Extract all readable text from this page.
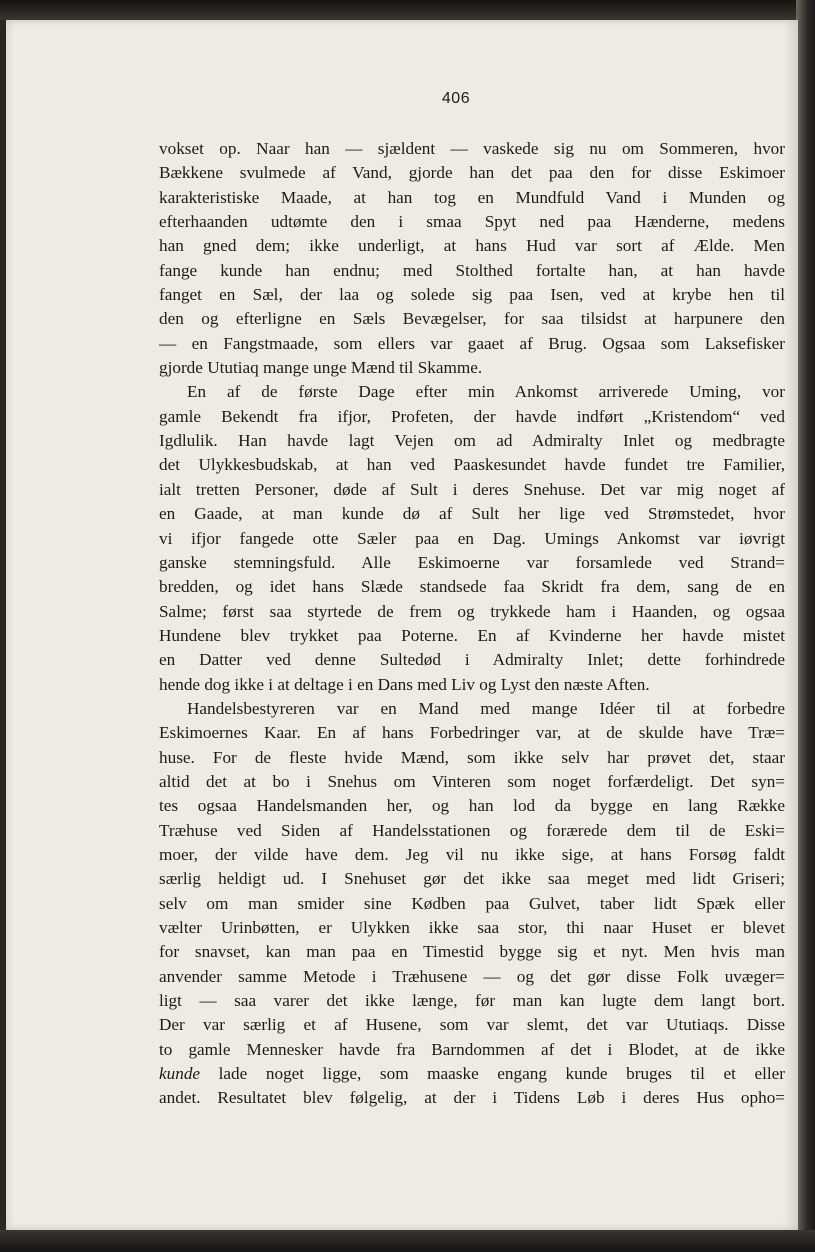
406
vokset op. Naar han — sjældent — vaskede sig nu om Sommeren, hvor
Bækkene svulmede af Vand, gjorde han det paa den for disse Eskimoer
karakteristiske Maade, at han tog en Mundfuld Vand i Munden og
efterhaanden udtømte den i smaa Spyt ned paa Hænderne, medens
han gned dem; ikke underligt, at hans Hud var sort af Ælde. Men
fange kunde han endnu; med Stolthed fortalte han, at han havde
fanget en Sæl, der laa og solede sig paa Isen, ved at krybe hen til
den og efterligne en Sæls Bevægelser, for saa tilsidst at harpunere den
— en Fangstmaade, som ellers var gaaet af Brug. Ogsaa som Laksefisker
gjorde Ututiaq mange unge Mænd til Skamme.
En af de første Dage efter min Ankomst arriverede Uming, vor
gamle Bekendt fra ifjor, Profeten, der havde indført „Kristendom“ ved
Igdlulik. Han havde lagt Vejen om ad Admiralty Inlet og medbragte
det Ulykkesbudskab, at han ved Paaskesundet havde fundet tre Familier,
ialt tretten Personer, døde af Sult i deres Snehuse. Det var mig noget af
en Gaade, at man kunde dø af Sult her lige ved Strømstedet, hvor
vi ifjor fangede otte Sæler paa en Dag. Umings Ankomst var iøvrigt
ganske stemningsfuld. Alle Eskimoerne var forsamlede ved Strand=
bredden, og idet hans Slæde standsede faa Skridt fra dem, sang de en
Salme; først saa styrtede de frem og trykkede ham i Haanden, og ogsaa
Hundene blev trykket paa Poterne. En af Kvinderne her havde mistet
en Datter ved denne Sultedød i Admiralty Inlet; dette forhindrede
hende dog ikke i at deltage i en Dans med Liv og Lyst den næste Aften.
Handelsbestyreren var en Mand med mange Idéer til at forbedre
Eskimoernes Kaar. En af hans Forbedringer var, at de skulde have Træ=
huse. For de fleste hvide Mænd, som ikke selv har prøvet det, staar
altid det at bo i Snehus om Vinteren som noget forfærdeligt. Det syn=
tes ogsaa Handelsmanden her, og han lod da bygge en lang Række
Træhuse ved Siden af Handelsstationen og forærede dem til de Eski=
moer, der vilde have dem. Jeg vil nu ikke sige, at hans Forsøg faldt
særlig heldigt ud. I Snehuset gør det ikke saa meget med lidt Griseri;
selv om man smider sine Kødben paa Gulvet, taber lidt Spæk eller
vælter Urinbøtten, er Ulykken ikke saa stor, thi naar Huset er blevet
for snavset, kan man paa en Timestid bygge sig et nyt. Men hvis man
anvender samme Metode i Træhusene — og det gør disse Folk uvæger=
ligt — saa varer det ikke længe, før man kan lugte dem langt bort.
Der var særlig et af Husene, som var slemt, det var Ututiaqs. Disse
to gamle Mennesker havde fra Barndommen af det i Blodet, at de ikke
kunde lade noget ligge, som maaske engang kunde bruges til et eller
andet. Resultatet blev følgelig, at der i Tidens Løb i deres Hus opho=
